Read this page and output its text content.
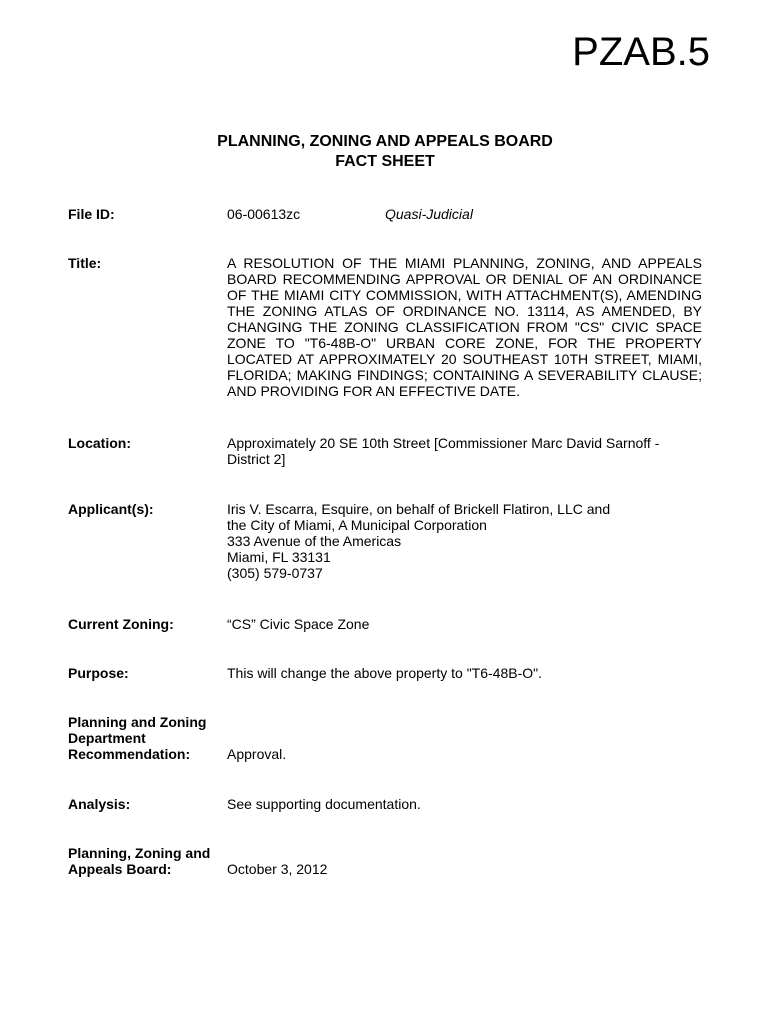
PZAB.5
PLANNING, ZONING AND APPEALS BOARD
FACT SHEET
File ID:	06-00613zc	Quasi-Judicial
Title:	A RESOLUTION OF THE MIAMI PLANNING, ZONING, AND APPEALS BOARD RECOMMENDING APPROVAL OR DENIAL OF AN ORDINANCE OF THE MIAMI CITY COMMISSION, WITH ATTACHMENT(S), AMENDING THE ZONING ATLAS OF ORDINANCE NO. 13114, AS AMENDED, BY CHANGING THE ZONING CLASSIFICATION FROM "CS" CIVIC SPACE ZONE TO "T6-48B-O" URBAN CORE ZONE, FOR THE PROPERTY LOCATED AT APPROXIMATELY 20 SOUTHEAST 10TH STREET, MIAMI, FLORIDA; MAKING FINDINGS; CONTAINING A SEVERABILITY CLAUSE; AND PROVIDING FOR AN EFFECTIVE DATE.
Location:	Approximately 20 SE 10th Street [Commissioner Marc David Sarnoff - District 2]
Applicant(s):	Iris V. Escarra, Esquire, on behalf of Brickell Flatiron, LLC and
the City of Miami, A Municipal Corporation
333 Avenue of the Americas
Miami, FL 33131
(305) 579-0737
Current Zoning:	“CS” Civic Space Zone
Purpose:	This will change the above property to "T6-48B-O".
Planning and Zoning
Department
Recommendation:	Approval.
Analysis:	See supporting documentation.
Planning, Zoning and
Appeals Board:	October 3, 2012
